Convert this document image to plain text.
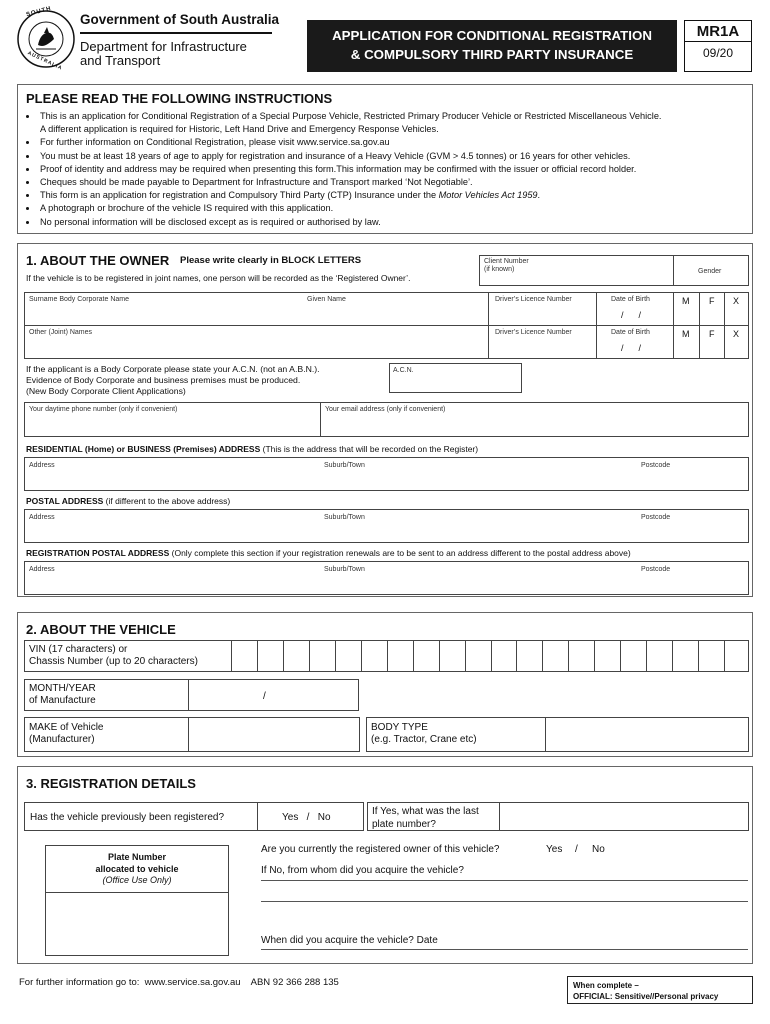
SOUTH
AUSTRALIA
Government of South Australia
Department for Infrastructure
and Transport
APPLICATION FOR CONDITIONAL REGISTRATION
& COMPULSORY THIRD PARTY INSURANCE
MR1A
09/20
PLEASE READ THE FOLLOWING INSTRUCTIONS
• This is an application for Conditional Registration of a Special Purpose Vehicle, Restricted Primary Producer Vehicle or Restricted Miscellaneous Vehicle.
A different application is required for Historic, Left Hand Drive and Emergency Response Vehicles.
• For further information on Conditional Registration, please visit www.service.sa.gov.au
• You must be at least 18 years of age to apply for registration and insurance of a Heavy Vehicle (GVM > 4.5 tonnes) or 16 years for other vehicles.
• Proof of identity and address may be required when presenting this form.This information may be confirmed with the issuer or official record holder.
• Cheques should be made payable to Department for Infrastructure and Transport marked ‘Not Negotiable’.
• This form is an application for registration and Compulsory Third Party (CTP) Insurance under the Motor Vehicles Act 1959.
• A photograph or brochure of the vehicle IS required with this application.
• No personal information will be disclosed except as is required or authorised by law.
1. ABOUT THE OWNER Please write clearly in BLOCK LETTERS
If the vehicle is to be registered in joint names, one person will be recorded as the ‘Registered Owner’.
Client Number
(if known)	Gender
Surname Body Corporate Name	Given Name	Driver’s Licence Number	Date of Birth
/      /
M F X
Other (Joint) Names	Driver’s Licence Number	Date of Birth
/      /
M F X
If the applicant is a Body Corporate please state your A.C.N. (not an A.B.N.).
Evidence of Body Corporate and business premises must be produced.
(New Body Corporate Client Applications)
A.C.N.
Your daytime phone number (only if convenient)	Your email address (only if convenient)
RESIDENTIAL (Home) or BUSINESS (Premises) ADDRESS (This is the address that will be recorded on the Register)
Address	Suburb/Town	Postcode
POSTAL ADDRESS (if different to the above address)
Address	Suburb/Town	Postcode
REGISTRATION POSTAL ADDRESS (Only complete this section if your registration renewals are to be sent to an address different to the postal address above)
Address	Suburb/Town	Postcode
2. ABOUT THE VEHICLE
VIN (17 characters) or
Chassis Number (up to 20 characters)
MONTH/YEAR
of Manufacture	/
MAKE of Vehicle
(Manufacturer)
BODY TYPE
(e.g. Tractor, Crane etc)
3. REGISTRATION DETAILS
Has the vehicle previously been registered?	Yes   /   No
If Yes, what was the last
plate number?
Plate Number
allocated to vehicle
(Office Use Only)
Are you currently the registered owner of this vehicle?	Yes / No
If No, from whom did you acquire the vehicle?
When did you acquire the vehicle? Date
For further information go to:  www.service.sa.gov.au    ABN 92 366 288 135	When complete –
OFFICIAL: Sensitive//Personal privacy
